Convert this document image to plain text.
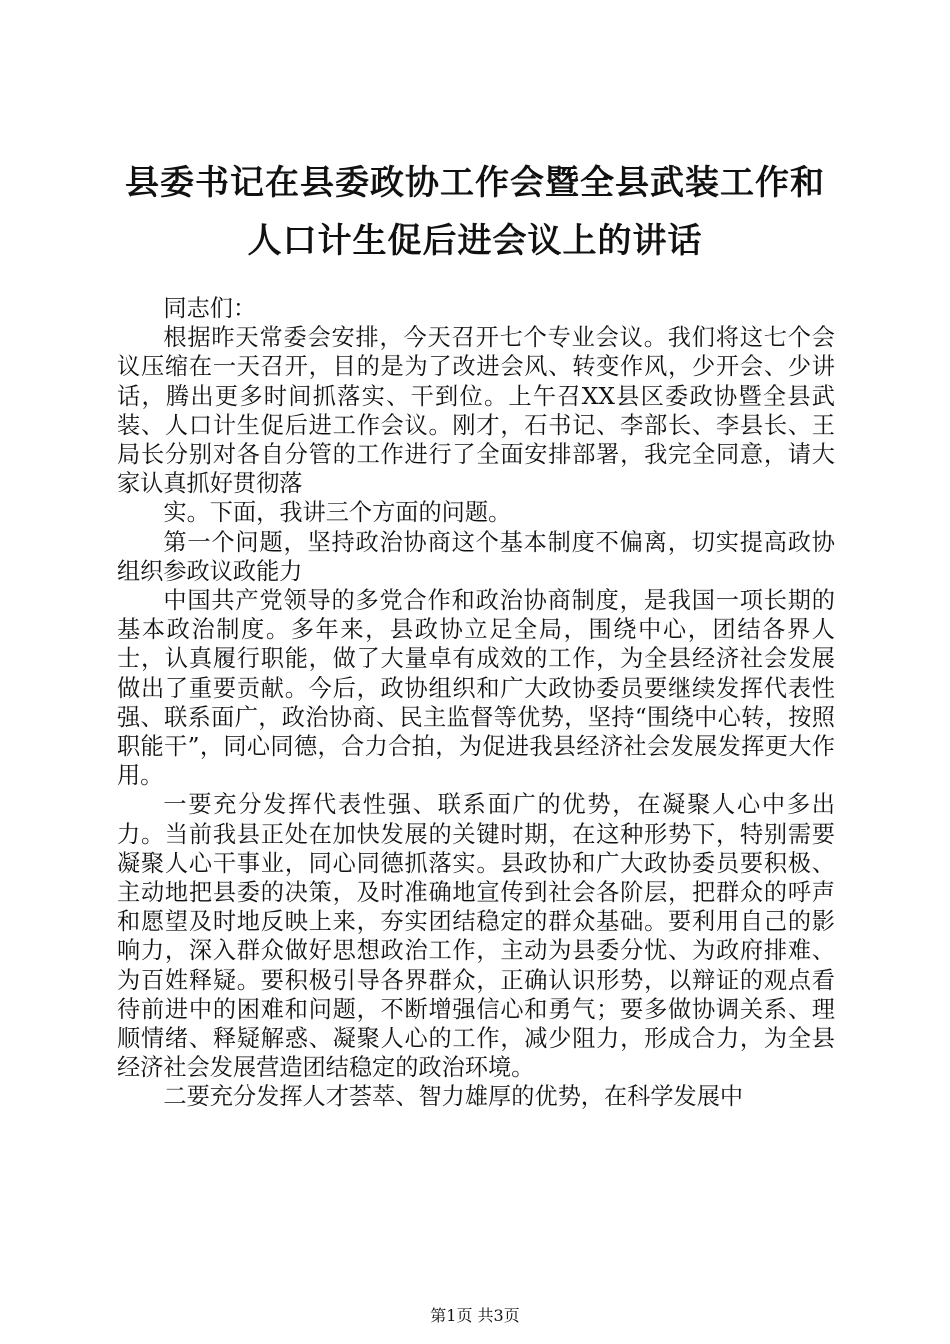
县委书记在县委政协工作会暨全县武装工作和
人口计生促后进会议上的讲话

同志们：

根据昨天常委会安排，今天召开七个专业会议。我们将这七个会议压缩在一天召开，目的是为了改进会风、转变作风，少开会、少讲话，腾出更多时间抓落实、干到位。上午召XX县区委政协暨全县武装、人口计生促后进工作会议。刚才，石书记、李部长、李县长、王局长分别对各自分管的工作进行了全面安排部署，我完全同意，请大家认真抓好贯彻落

实。下面，我讲三个方面的问题。

第一个问题，坚持政治协商这个基本制度不偏离，切实提高政协组织参政议政能力

中国共产党领导的多党合作和政治协商制度，是我国一项长期的基本政治制度。多年来，县政协立足全局，围绕中心，团结各界人士，认真履行职能，做了大量卓有成效的工作，为全县经济社会发展做出了重要贡献。今后，政协组织和广大政协委员要继续发挥代表性强、联系面广，政治协商、民主监督等优势，坚持“围绕中心转，按照职能干”，同心同德，合力合拍，为促进我县经济社会发展发挥更大作用。

一要充分发挥代表性强、联系面广的优势，在凝聚人心中多出力。当前我县正处在加快发展的关键时期，在这种形势下，特别需要凝聚人心干事业，同心同德抓落实。县政协和广大政协委员要积极、主动地把县委的决策，及时准确地宣传到社会各阶层，把群众的呼声和愿望及时地反映上来，夯实团结稳定的群众基础。要利用自己的影响力，深入群众做好思想政治工作，主动为县委分忧、为政府排难、为百姓释疑。要积极引导各界群众，正确认识形势，以辩证的观点看待前进中的困难和问题，不断增强信心和勇气；要多做协调关系、理顺情绪、释疑解惑、凝聚人心的工作，减少阻力，形成合力，为全县经济社会发展营造团结稳定的政治环境。

二要充分发挥人才荟萃、智力雄厚的优势，在科学发展中

第1页 共3页
